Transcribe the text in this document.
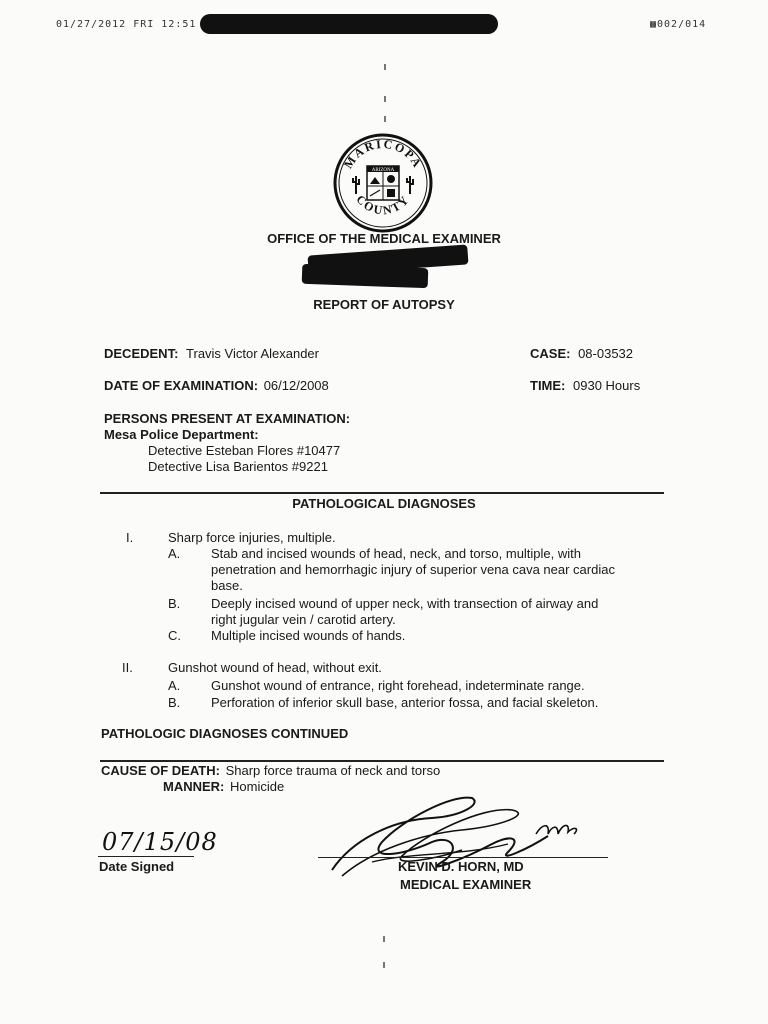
01/27/2012 FRI 12:51	▩002/014
MARICOPA
COUNTY
ARIZONA
OFFICE OF THE MEDICAL EXAMINER
REPORT OF AUTOPSY
DECEDENT: Travis Victor Alexander	CASE: 08-03532
DATE OF EXAMINATION: 06/12/2008	TIME: 0930 Hours
PERSONS PRESENT AT EXAMINATION:
Mesa Police Department:
Detective Esteban Flores #10477
Detective Lisa Barientos #9221
PATHOLOGICAL DIAGNOSES
I.	Sharp force injuries, multiple.
A. Stab and incised wounds of head, neck, and torso, multiple, with
penetration and hemorrhagic injury of superior vena cava near cardiac
base.
B. Deeply incised wound of upper neck, with transection of airway and
right jugular vein / carotid artery.
C. Multiple incised wounds of hands.
II.	Gunshot wound of head, without exit.
A. Gunshot wound of entrance, right forehead, indeterminate range.
B. Perforation of inferior skull base, anterior fossa, and facial skeleton.
PATHOLOGIC DIAGNOSES CONTINUED
CAUSE OF DEATH: Sharp force trauma of neck and torso
MANNER: Homicide
07/15/08
Date Signed	KEVIN D. HORN, MD
MEDICAL EXAMINER
